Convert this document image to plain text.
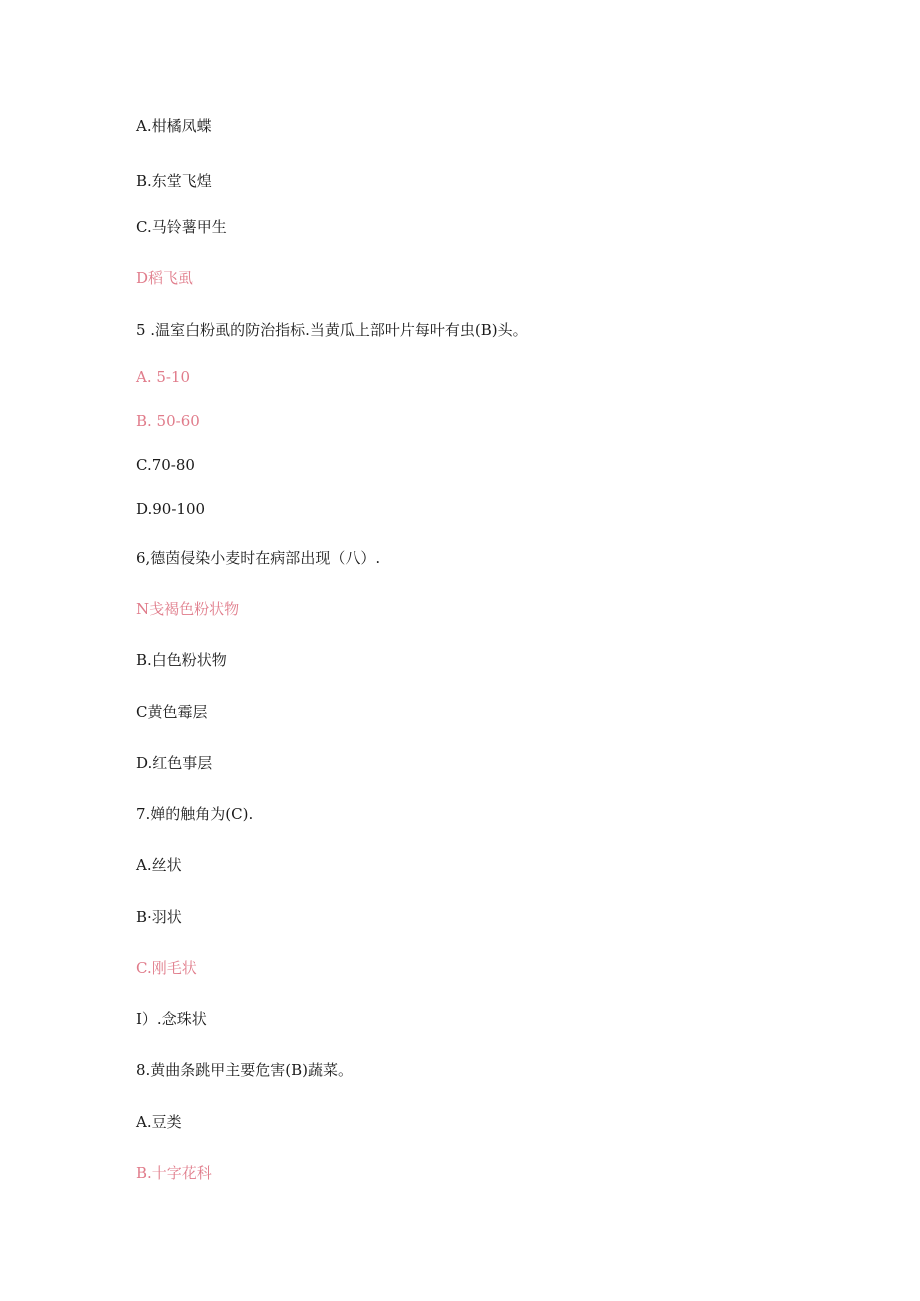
A.柑橘凤蝶
B.东堂飞煌
C.马铃薯甲生
D稻飞虱
5 .温室白粉虱的防治指标.当黄瓜上部叶片每叶有虫(B)头。
A. 5-10
B. 50-60
C.70-80
D.90-100
6,德茵侵染小麦时在病部出现（八）.
N戋褐色粉状物
B.白色粉状物
C黄色霉层
D.红色事层
7.婵的触角为(C).
A.丝状
B·羽状
C.刚毛状
I）.念珠状
8.黄曲条跳甲主要危害(B)蔬菜。
A.豆类
B.十字花科
